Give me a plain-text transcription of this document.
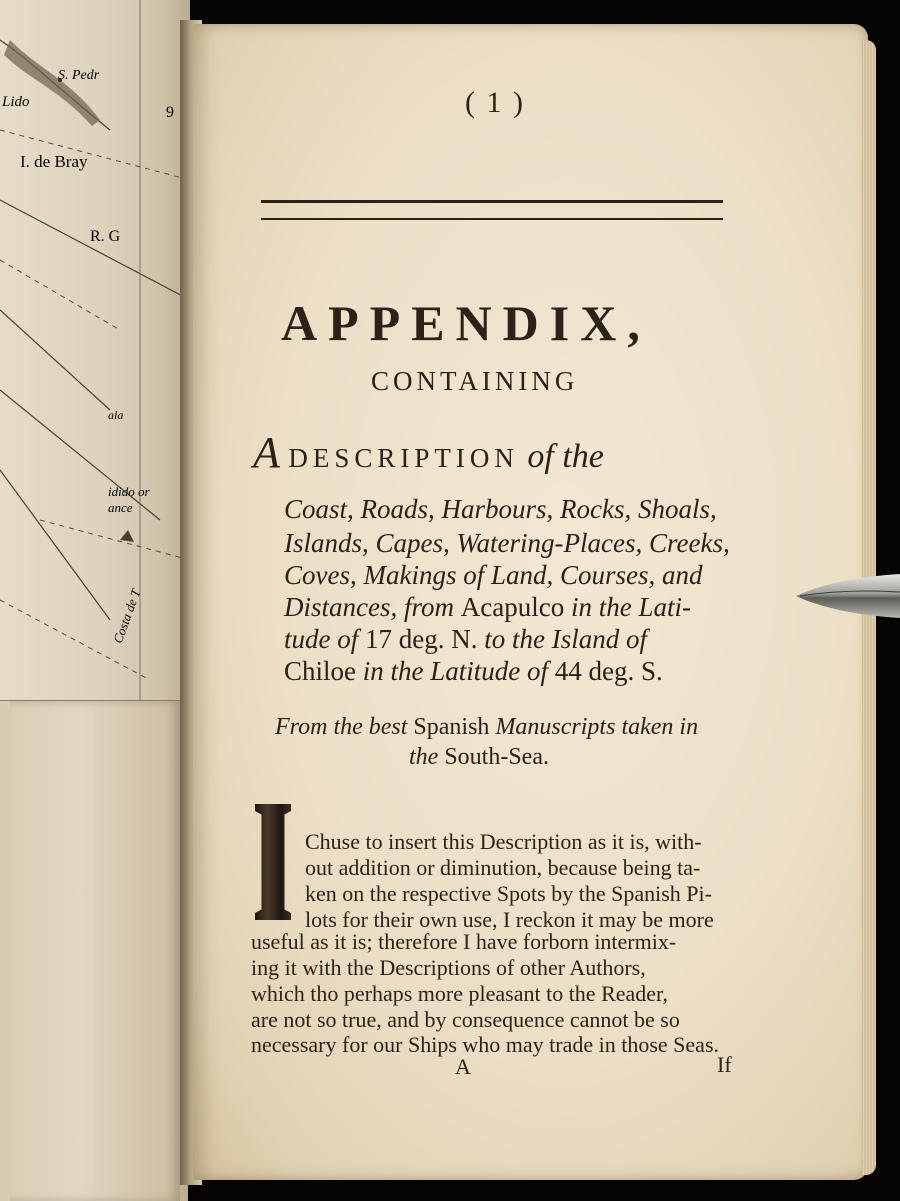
Lido
S. Pedr
9
I. de Bray
R. G
ala
idido or
ance
Costa de T
( 1 )
APPENDIX,
CONTAINING
A DESCRIPTION of the
Coast, Roads, Harbours, Rocks, Shoals,
Islands, Capes, Watering-Places, Creeks,
Coves, Makings of Land, Courses, and
Distances, from Acapulco in the Lati-
tude of 17 deg. N. to the Island of
Chiloe in the Latitude of 44 deg. S.
From the best Spanish Manuscripts taken in
the South-Sea.
Chuse to insert this Description as it is, with-
out addition or diminution, because being ta-
ken on the respective Spots by the Spanish Pi-
lots for their own use, I reckon it may be more
useful as it is; therefore I have forborn intermix-
ing it with the Descriptions of other Authors,
which tho perhaps more pleasant to the Reader,
are not so true, and by consequence cannot be so
necessary for our Ships who may trade in those Seas.
A	If
